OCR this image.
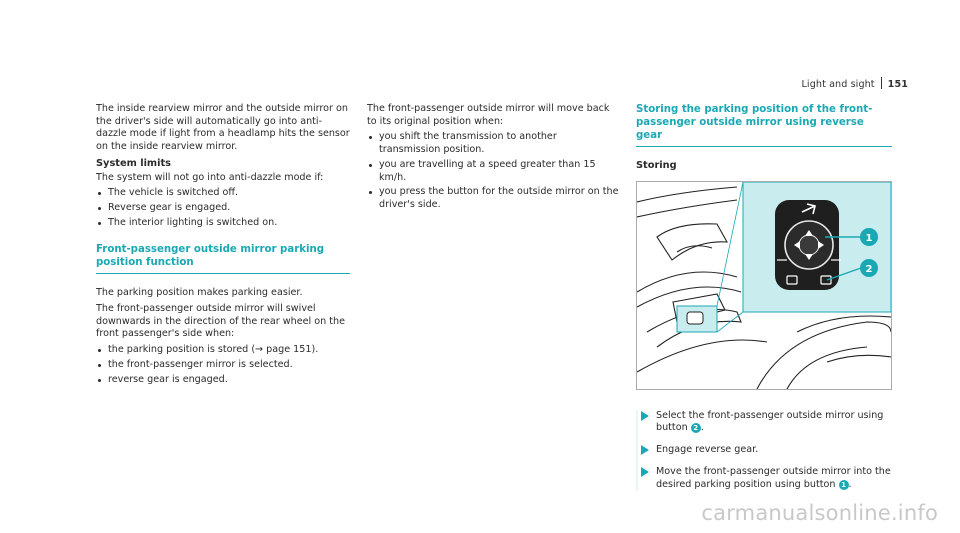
Light and sight 151

The inside rearview mirror and the outside mirror on the driver's side will automatically go into anti-dazzle mode if light from a headlamp hits the sensor on the inside rearview mirror.

System limits

The system will not go into anti-dazzle mode if:

The vehicle is switched off.
Reverse gear is engaged.
The interior lighting is switched on.
Front-passenger outside mirror parking position function

The parking position makes parking easier.

The front-passenger outside mirror will swivel downwards in the direction of the rear wheel on the front passenger's side when:

the parking position is stored (→ page 151).
the front-passenger mirror is selected.
reverse gear is engaged.

The front-passenger outside mirror will move back to its original position when:

you shift the transmission to another transmission position.
you are travelling at a speed greater than 15 km/h.
you press the button for the outside mirror on the driver's side.
Storing the parking position of the front-passenger outside mirror using reverse gear
Storing
1
2
Select the front-passenger outside mirror using button 2 .
Engage reverse gear.
Move the front-passenger outside mirror into the desired parking position using button 1 .
carmanualsonline.info
